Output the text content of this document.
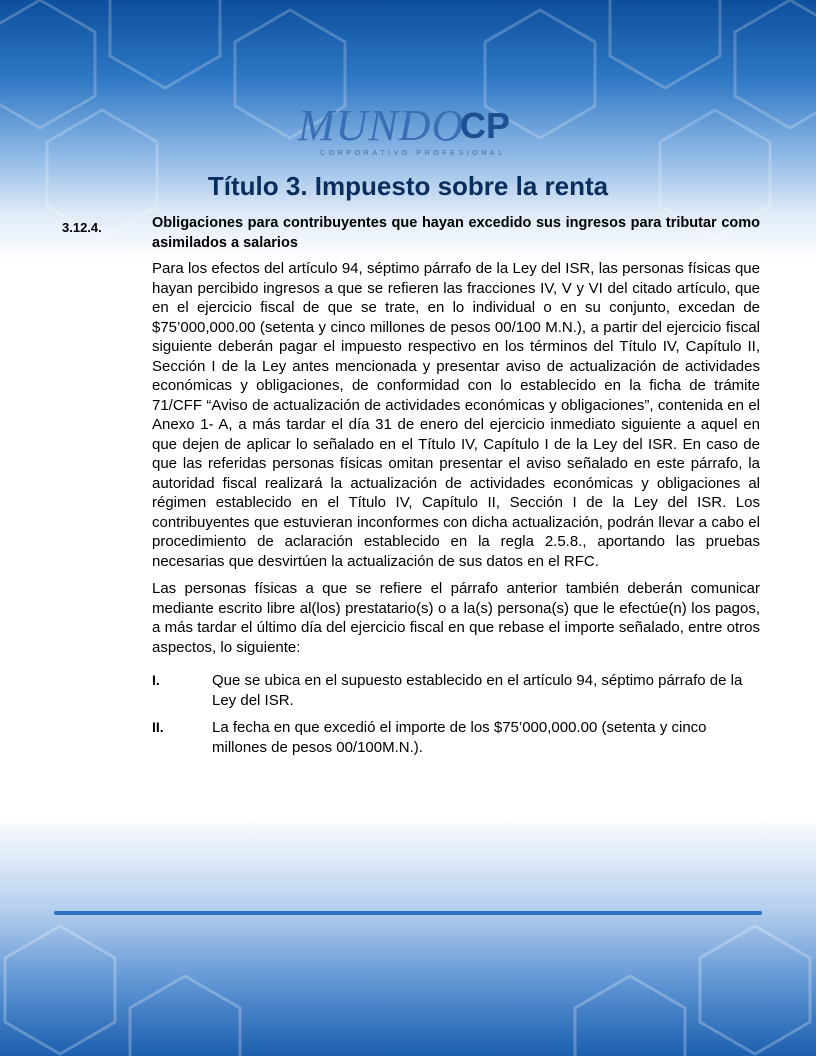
MUNDO
CP
CORPORATIVO PROFESIONAL
Título 3. Impuesto sobre la renta
3.12.4.	Obligaciones para contribuyentes que hayan excedido sus ingresos para tributar como asimilados a salarios

Para los efectos del artículo 94, séptimo párrafo de la Ley del ISR, las personas físicas que hayan percibido ingresos a que se refieren las fracciones IV, V y VI del citado artículo, que en el ejercicio fiscal de que se trate, en lo individual o en su conjunto, excedan de $75’000,000.00 (setenta y cinco millones de pesos 00/100 M.N.), a partir del ejercicio fiscal siguiente deberán pagar el impuesto respectivo en los términos del Título IV, Capítulo II, Sección I de la Ley antes mencionada y presentar aviso de actualización de actividades económicas y obligaciones, de conformidad con lo establecido en la ficha de trámite 71/CFF “Aviso de actualización de actividades económicas y obligaciones”, contenida en el Anexo 1- A, a más tardar el día 31 de enero del ejercicio inmediato siguiente a aquel en que dejen de aplicar lo señalado en el Título IV, Capítulo I de la Ley del ISR. En caso de que las referidas personas físicas omitan presentar el aviso señalado en este párrafo, la autoridad fiscal realizará la actualización de actividades económicas y obligaciones al régimen establecido en el Título IV, Capítulo II, Sección I de la Ley del ISR. Los contribuyentes que estuvieran inconformes con dicha actualización, podrán llevar a cabo el procedimiento de aclaración establecido en la regla 2.5.8., aportando las pruebas necesarias que desvirtúen la actualización de sus datos en el RFC.

Las personas físicas a que se refiere el párrafo anterior también deberán comunicar mediante escrito libre al(los) prestatario(s) o a la(s) persona(s) que le efectúe(n) los pagos, a más tardar el último día del ejercicio fiscal en que rebase el importe señalado, entre otros aspectos, lo siguiente:

I.	Que se ubica en el supuesto establecido en el artículo 94, séptimo párrafo de la Ley del ISR.
II.	La fecha en que excedió el importe de los $75’000,000.00 (setenta y cinco millones de pesos 00/100M.N.).
